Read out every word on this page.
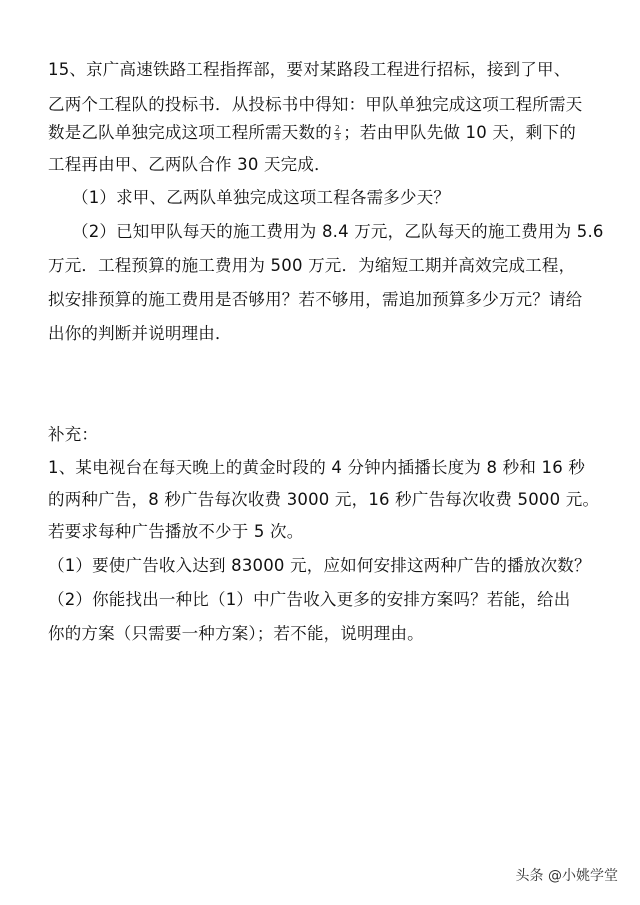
15、京广高速铁路工程指挥部，要对某路段工程进行招标，接到了甲、
乙两个工程队的投标书．从投标书中得知：甲队单独完成这项工程所需天
数是乙队单独完成这项工程所需天数的 $\frac{2}{3}$ ；若由甲队先做 10 天，剩下的
工程再由甲、乙两队合作 30 天完成．
（1）求甲、乙两队单独完成这项工程各需多少天？
（2）已知甲队每天的施工费用为 8.4 万元，乙队每天的施工费用为 5.6
万元．工程预算的施工费用为 500 万元．为缩短工期并高效完成工程，
拟安排预算的施工费用是否够用？若不够用，需追加预算多少万元？请给
出你的判断并说明理由．
补充：
1、某电视台在每天晚上的黄金时段的 4 分钟内插播长度为 8 秒和 16 秒
的两种广告，8 秒广告每次收费 3000 元，16 秒广告每次收费 5000 元。
若要求每种广告播放不少于 5 次。
（1）要使广告收入达到 83000 元，应如何安排这两种广告的播放次数？
（2）你能找出一种比（1）中广告收入更多的安排方案吗？若能，给出
你的方案（只需要一种方案）；若不能，说明理由。
头条 @小姚学堂
